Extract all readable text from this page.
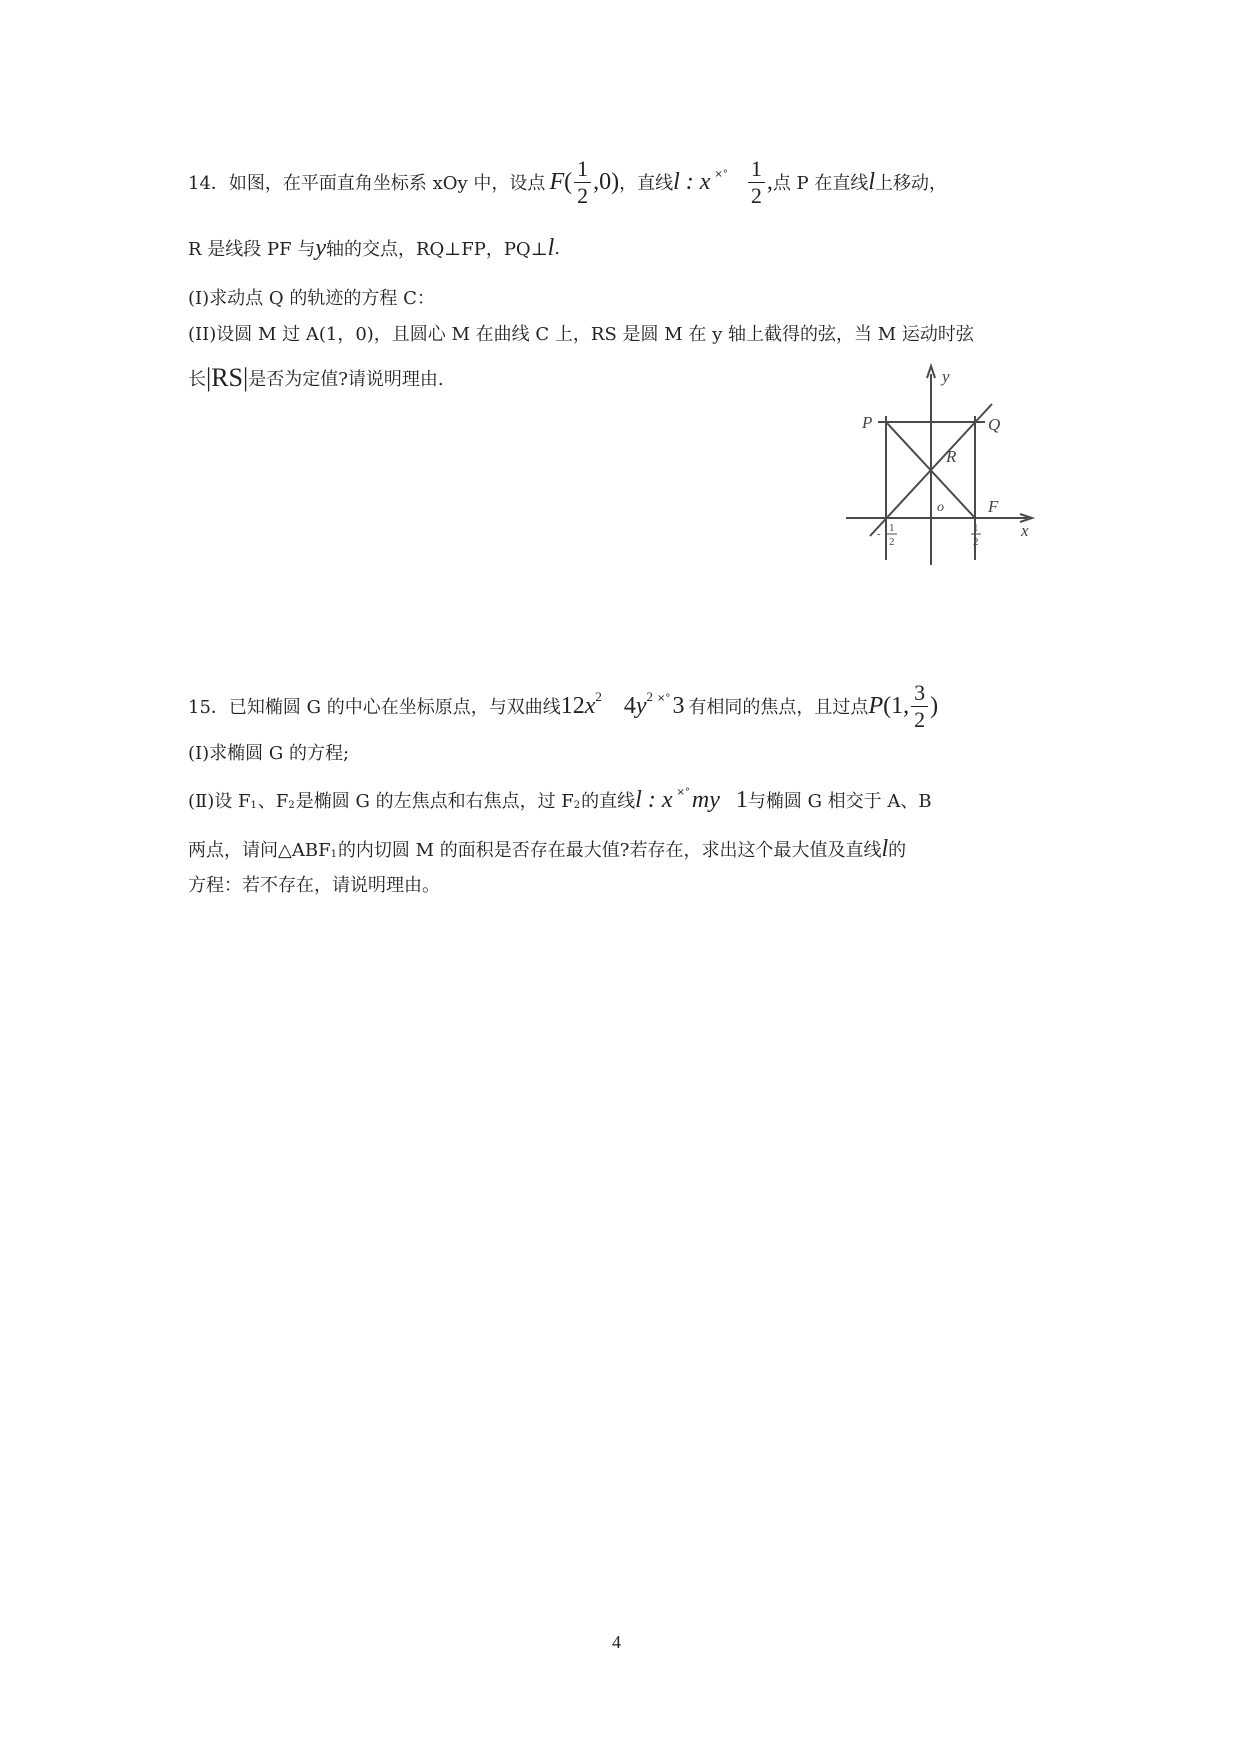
14．如图，在平面直角坐标系 xOy 中，设点 F ( $\frac{1}{2} ,0$) ，直线 l : x ×° $\frac{1}{2}$ , 点 P 在直线 l 上移动，
R 是线段 PF 与 y 轴的交点，RQ⊥FP，PQ⊥ l .
(I)求动点 Q 的轨迹的方程 C：
(II)设圆 M 过 A(1，0)，且圆心 M 在曲线 C 上，RS 是圆 M 在 y 轴上截得的弦，当 M 运动时弦
长 |RS| 是否为定值?请说明理由.	y
x
P	Q
R
o	F
- 1
2
1
2
15．已知椭圆 G 的中心在坐标原点，与双曲线 12 x 2 4 y 2 ×° 3 有相同的焦点，且过点 P (1, $\frac{3}{2}$ )
(I)求椭圆 G 的方程;
(Ⅱ)设 F 1 、F 2 是椭圆 G 的左焦点和右焦点，过 F 2 的直线 l : x ×° my 1 与椭圆 G 相交于 A、B
两点，请问△ABF 1 的内切圆 M 的面积是否存在最大值?若存在，求出这个最大值及直线 l 的
方程：若不存在，请说明理由。
4
